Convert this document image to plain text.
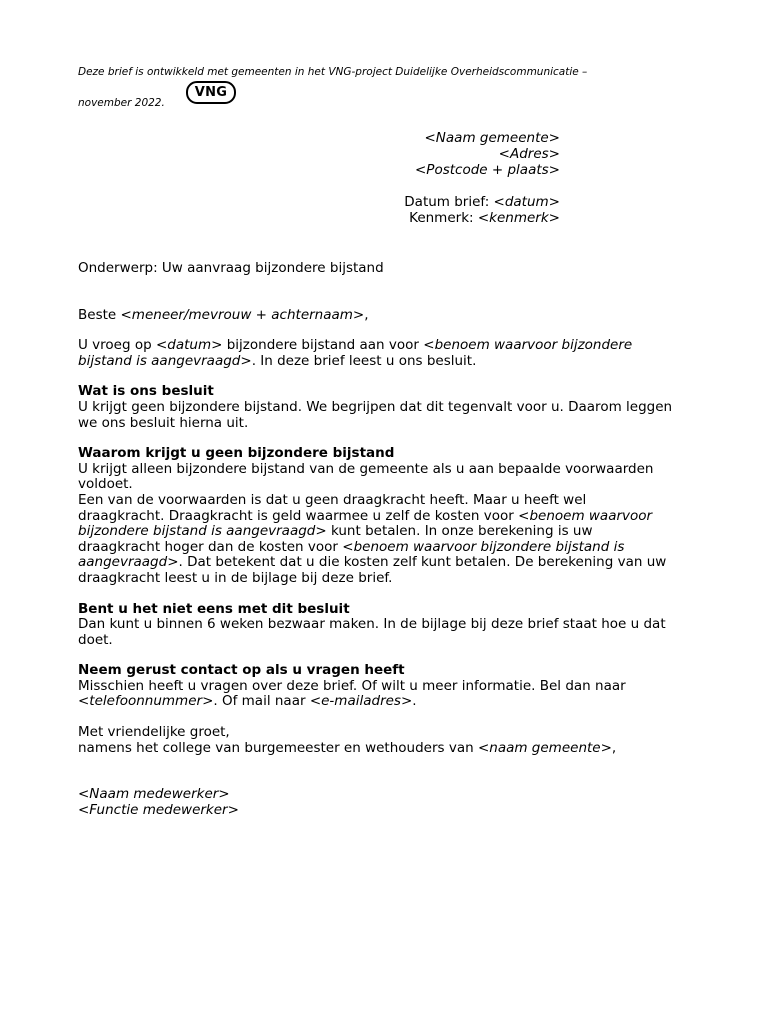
Deze brief is ontwikkeld met gemeenten in het VNG-project Duidelijke Overheidscommunicatie –
november 2022.
VNG
<Naam gemeente>
<Adres>
<Postcode + plaats>
Datum brief: <datum>
Kenmerk: <kenmerk>

Onderwerp: Uw aanvraag bijzondere bijstand

Beste <meneer/mevrouw + achternaam>,

U vroeg op <datum> bijzondere bijstand aan voor <benoem waarvoor bijzondere bijstand is aangevraagd>. In deze brief leest u ons besluit.

Wat is ons besluit

U krijgt geen bijzondere bijstand. We begrijpen dat dit tegenvalt voor u. Daarom leggen we ons besluit hierna uit.

Waarom krijgt u geen bijzondere bijstand

U krijgt alleen bijzondere bijstand van de gemeente als u aan bepaalde voorwaarden voldoet.

Een van de voorwaarden is dat u geen draagkracht heeft. Maar u heeft wel draagkracht. Draagkracht is geld waarmee u zelf de kosten voor <benoem waarvoor bijzondere bijstand is aangevraagd> kunt betalen. In onze berekening is uw draagkracht hoger dan de kosten voor <benoem waarvoor bijzondere bijstand is aangevraagd>. Dat betekent dat u die kosten zelf kunt betalen. De berekening van uw draagkracht leest u in de bijlage bij deze brief.

Bent u het niet eens met dit besluit

Dan kunt u binnen 6 weken bezwaar maken. In de bijlage bij deze brief staat hoe u dat doet.

Neem gerust contact op als u vragen heeft

Misschien heeft u vragen over deze brief. Of wilt u meer informatie. Bel dan naar <telefoonnummer>. Of mail naar <e-mailadres>.

Met vriendelijke groet,

namens het college van burgemeester en wethouders van <naam gemeente>,

<Naam medewerker>

<Functie medewerker>
